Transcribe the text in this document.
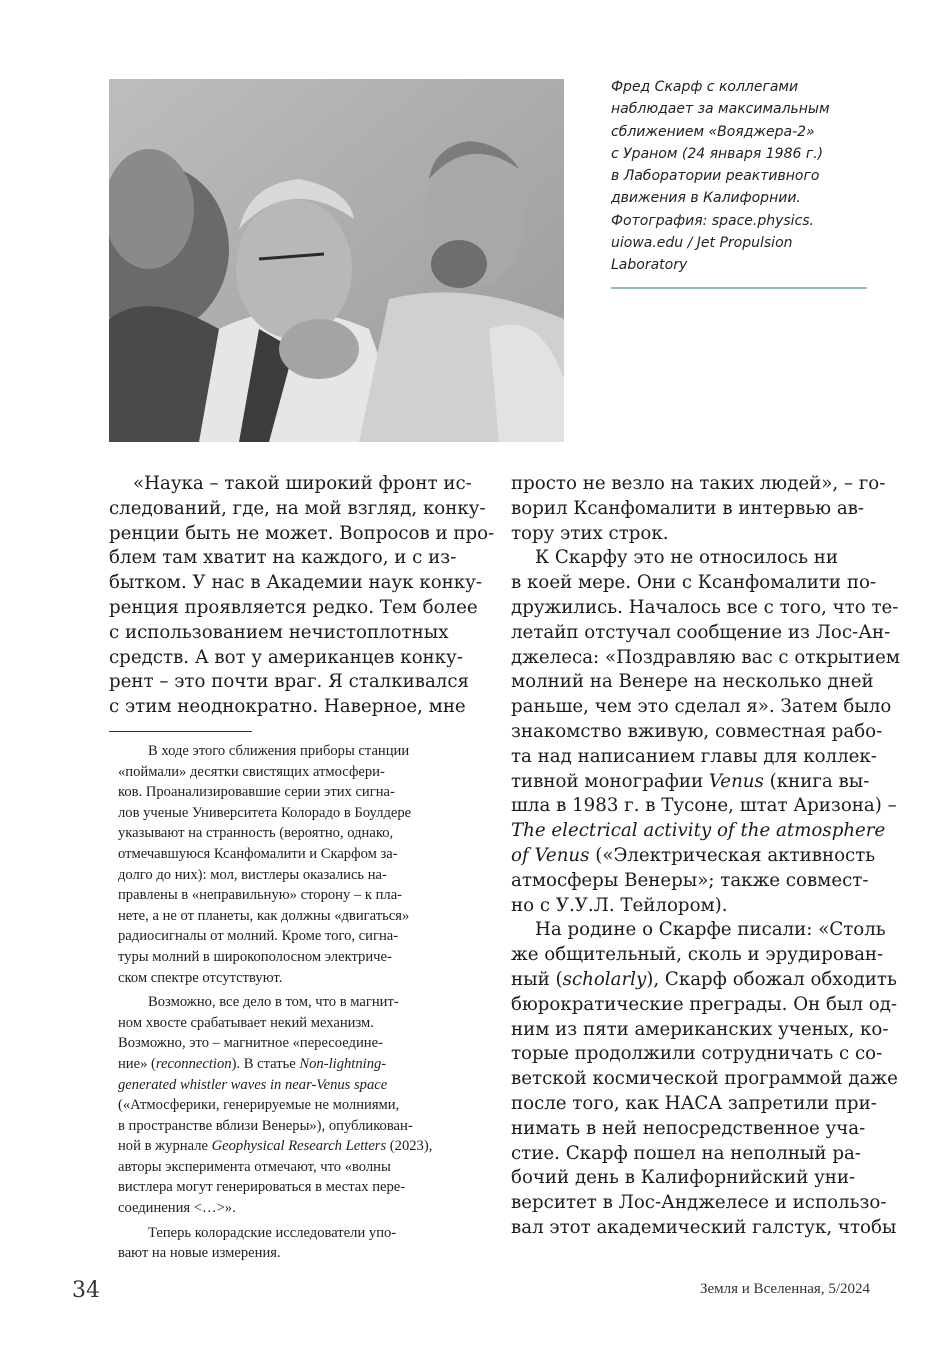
Фред Скарф с коллегами
наблюдает за максимальным
сближением «Вояджера-2»
с Ураном (24 января 1986 г.)
в Лаборатории реактивного
движения в Калифорнии.
Фотография: space.physics.
uiowa.edu / Jet Propulsion
Laboratory
«Наука – такой широкий фронт ис-
следований, где, на мой взгляд, конку-
ренции быть не может. Вопросов и про-
блем там хватит на каждого, и с из-
бытком. У нас в Академии наук конку-
ренция проявляется редко. Тем более
с использованием нечистоплотных
средств. А вот у американцев конку-
рент – это почти враг. Я сталкивался
с этим неоднократно. Наверное, мне
В ходе этого сближения приборы станции
«поймали» десятки свистящих атмосфери-
ков. Проанализировавшие серии этих сигна-
лов ученые Университета Колорадо в Боулдере
указывают на странность (вероятно, однако,
отмечавшуюся Ксанфомалити и Скарфом за-
долго до них): мол, вистлеры оказались на-
правлены в «неправильную» сторону – к пла-
нете, а не от планеты, как должны «двигаться»
радиосигналы от молний. Кроме того, сигна-
туры молний в широкополосном электриче-
ском спектре отсутствуют.
Возможно, все дело в том, что в магнит-
ном хвосте срабатывает некий механизм.
Возможно, это – магнитное «пересоедине-
ние» (reconnection). В статье Non-lightning-
generated whistler waves in near-Venus space
(«Атмосферики, генерируемые не молниями,
в пространстве вблизи Венеры»), опубликован-
ной в журнале Geophysical Research Letters (2023),
авторы эксперимента отмечают, что «волны
вистлера могут генерироваться в местах пере-
соединения <…>».
Теперь колорадские исследователи упо-
вают на новые измерения.
просто не везло на таких людей», – го-
ворил Ксанфомалити в интервью ав-
тору этих строк.
К Скарфу это не относилось ни
в коей мере. Они с Ксанфомалити по-
дружились. Началось все с того, что те-
летайп отстучал сообщение из Лос-Ан-
джелеса: «Поздравляю вас с открытием
молний на Венере на несколько дней
раньше, чем это сделал я». Затем было
знакомство вживую, совместная рабо-
та над написанием главы для коллек-
тивной монографии Venus (книга вы-
шла в 1983 г. в Тусоне, штат Аризона) –
The electrical activity of the atmosphere
of Venus («Электрическая активность
атмосферы Венеры»; также совмест-
но с У.У.Л. Тейлором).
На родине о Скарфе писали: «Столь
же общительный, сколь и эрудирован-
ный (scholarly), Скарф обожал обходить
бюрократические преграды. Он был од-
ним из пяти американских ученых, ко-
торые продолжили сотрудничать с со-
ветской космической программой даже
после того, как НАСА запретили при-
нимать в ней непосредственное уча-
стие. Скарф пошел на неполный ра-
бочий день в Калифорнийский уни-
верситет в Лос-Анджелесе и использо-
вал этот академический галстук, чтобы
34	Земля и Вселенная, 5/2024
